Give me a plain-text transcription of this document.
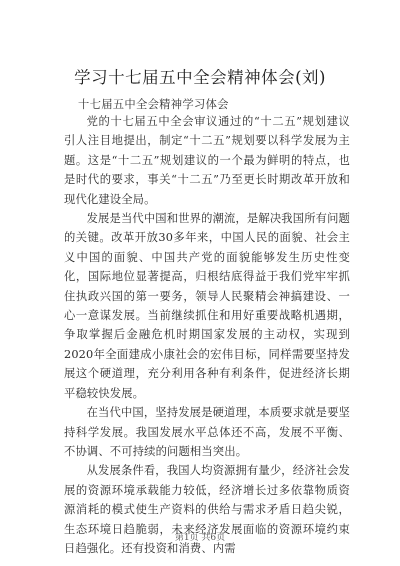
学习十七届五中全会精神体会(刘)
十七届五中全会精神学习体会

党的十七届五中全会审议通过的“十二五”规划建议引人注目地提出，制定“十二五”规划要以科学发展为主题。这是“十二五”规划建议的一个最为鲜明的特点，也是时代的要求，事关“十二五”乃至更长时期改革开放和现代化建设全局。

发展是当代中国和世界的潮流，是解决我国所有问题的关键。改革开放30多年来，中国人民的面貌、社会主义中国的面貌、中国共产党的面貌能够发生历史性变化，国际地位显著提高，归根结底得益于我们党牢牢抓住执政兴国的第一要务，领导人民聚精会神搞建设、一心一意谋发展。当前继续抓住和用好重要战略机遇期，争取掌握后金融危机时期国家发展的主动权，实现到2020年全面建成小康社会的宏伟目标，同样需要坚持发展这个硬道理，充分利用各种有利条件，促进经济长期平稳较快发展。

在当代中国，坚持发展是硬道理，本质要求就是要坚持科学发展。我国发展水平总体还不高，发展不平衡、不协调、不可持续的问题相当突出。

从发展条件看，我国人均资源拥有量少，经济社会发展的资源环境承载能力较低，经济增长过多依靠物质资源消耗的模式使生产资料的供给与需求矛盾日趋尖锐，生态环境日趋脆弱，未来经济发展面临的资源环境约束日趋强化。还有投资和消费、内需

第1页 共6页
